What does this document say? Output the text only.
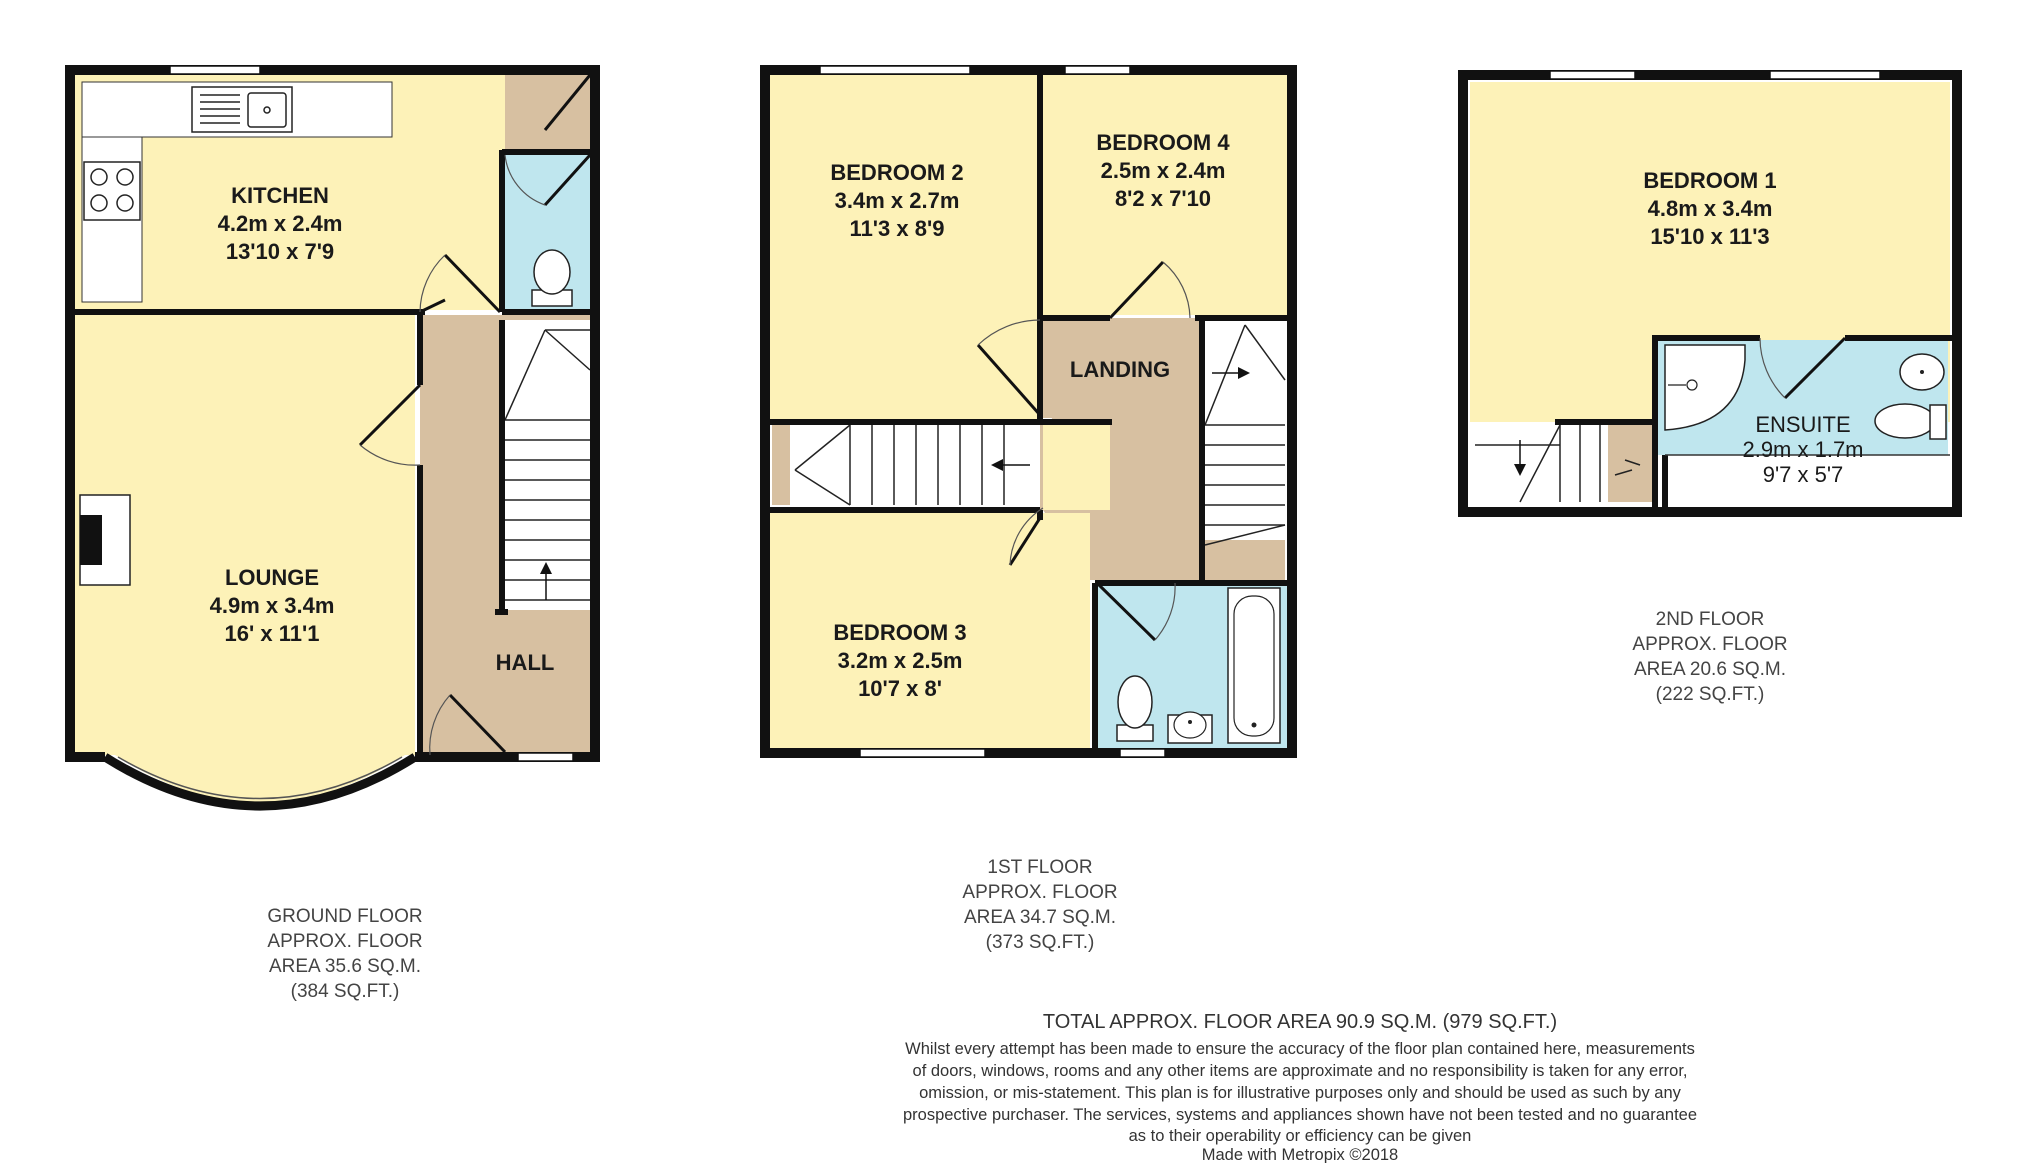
KITCHEN
4.2m x 2.4m
13'10 x 7'9
LOUNGE
4.9m x 3.4m
16' x 11'1
HALL
GROUND FLOOR
APPROX. FLOOR
AREA 35.6 SQ.M.
(384 SQ.FT.)
BEDROOM 2
3.4m x 2.7m
11'3 x 8'9
BEDROOM 4
2.5m x 2.4m
8'2 x 7'10
LANDING
BEDROOM 3
3.2m x 2.5m
10'7 x 8'
1ST FLOOR
APPROX. FLOOR
AREA 34.7 SQ.M.
(373 SQ.FT.)
BEDROOM 1
4.8m x 3.4m
15'10 x 11'3
ENSUITE
2.9m x 1.7m
9'7 x 5'7
2ND FLOOR
APPROX. FLOOR
AREA 20.6 SQ.M.
(222 SQ.FT.)
TOTAL APPROX. FLOOR AREA 90.9 SQ.M. (979 SQ.FT.)
Whilst every attempt has been made to ensure the accuracy of the floor plan contained here, measurements
of doors, windows, rooms and any other items are approximate and no responsibility is taken for any error,
omission, or mis-statement. This plan is for illustrative purposes only and should be used as such by any
prospective purchaser. The services, systems and appliances shown have not been tested and no guarantee
as to their operability or efficiency can be given
Made with Metropix ©2018
